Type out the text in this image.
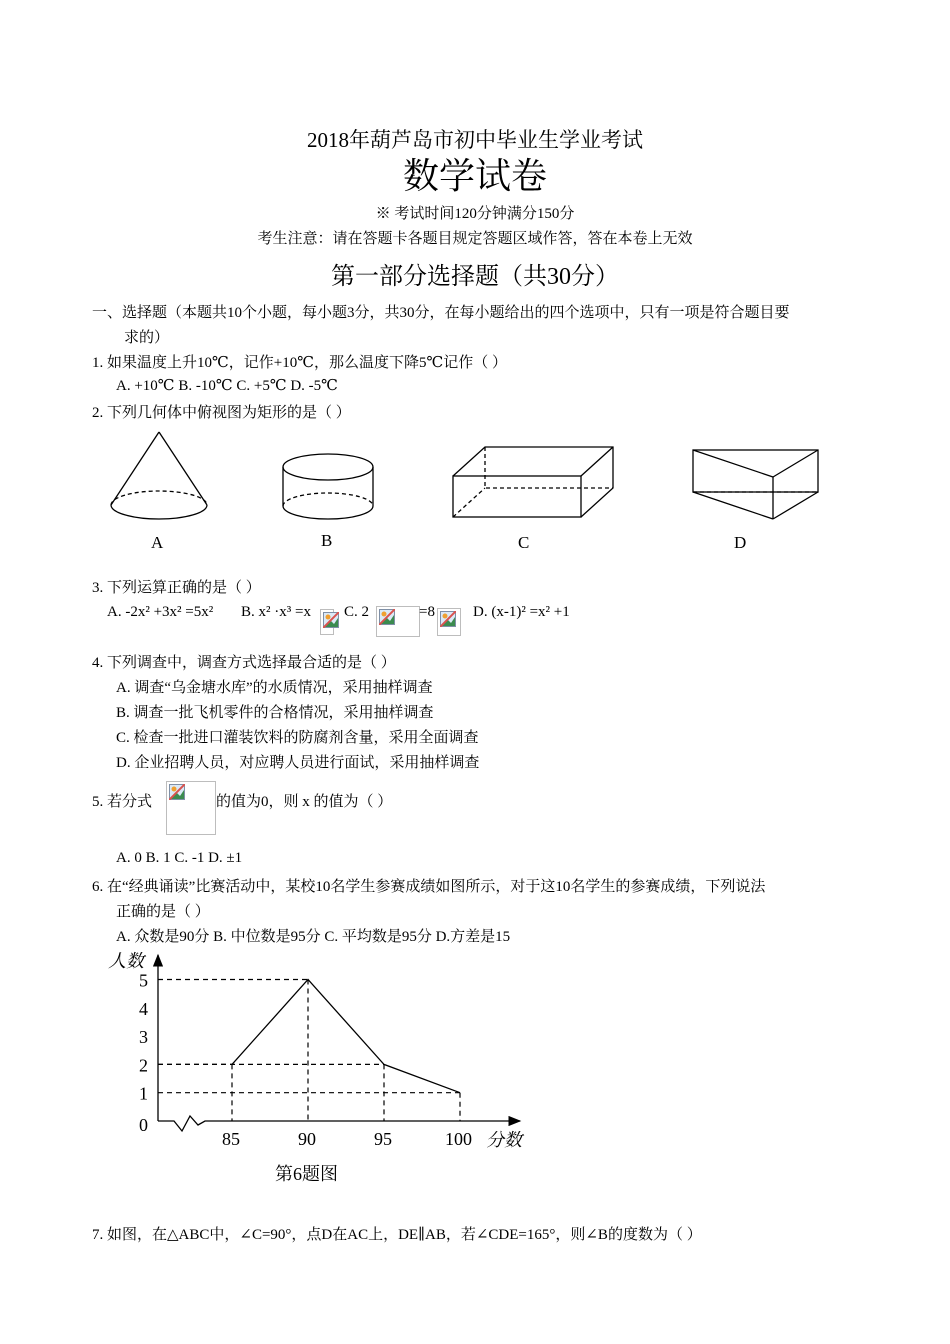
2018年葫芦岛市初中毕业生学业考试
数学试卷
※ 考试时间120分钟满分150分
考生注意：请在答题卡各题目规定答题区域作答，答在本卷上无效
第一部分选择题（共30分）
一、选择题（本题共10个小题，每小题3分，共30分，在每小题给出的四个选项中，只有一项是符合题目要
求的）
1. 如果温度上升10℃，记作+10℃，那么温度下降5℃记作（ ）
A. +10℃ B. -10℃ C. +5℃ D. -5℃
2. 下列几何体中俯视图为矩形的是（ ）
A	B	C	D
3. 下列运算正确的是（ ）
A. -2x² +3x² =5x² B. x² ·x³ =x C. 2	=8	D. (x-1)² =x² +1
4. 下列调查中，调查方式选择最合适的是（ ）
A. 调查“乌金塘水库”的水质情况，采用抽样调查
B. 调查一批飞机零件的合格情况，采用抽样调查
C. 检查一批进口灌装饮料的防腐剂含量，采用全面调查
D. 企业招聘人员，对应聘人员进行面试，采用抽样调查
5. 若分式	的值为0，则 x 的值为（ ）
A. 0 B. 1 C. -1 D. ±1
6. 在“经典诵读”比赛活动中，某校10名学生参赛成绩如图所示，对于这10名学生的参赛成绩，下列说法
正确的是（ ）
A. 众数是90分 B. 中位数是95分 C. 平均数是95分 D.方差是15
0
1
2
3
4
5
85	90	95	100
人数
分数
第6题图
7. 如图，在△ABC中，∠C=90°，点D在AC上，DE∥AB，若∠CDE=165°，则∠B的度数为（ ）
